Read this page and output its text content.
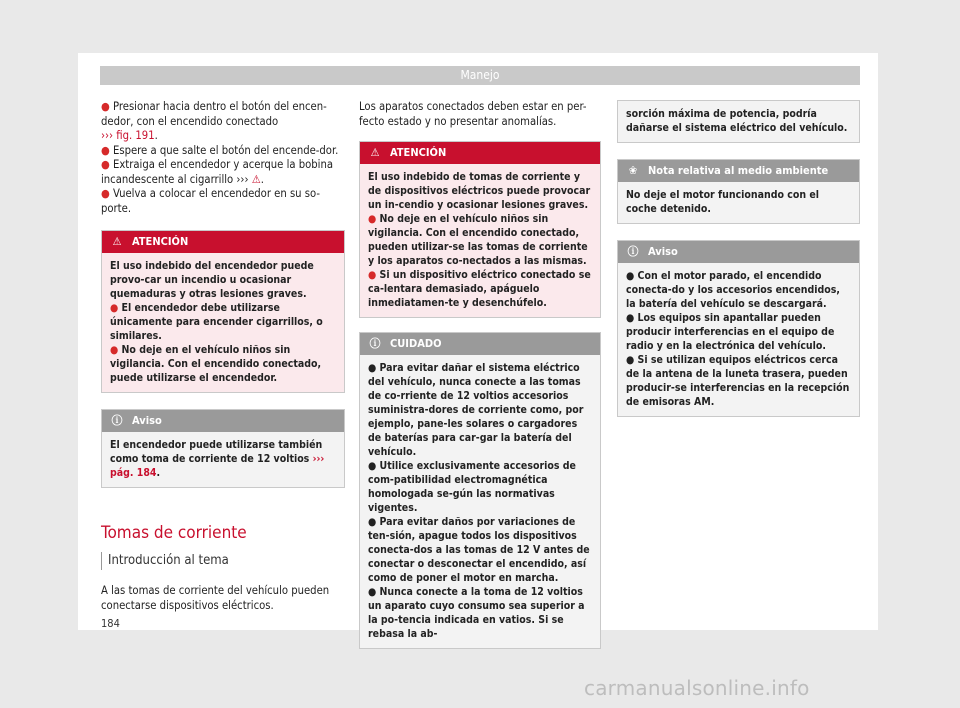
Manejo

● Presionar hacia dentro el botón del encen-dedor, con el encendido conectado
››› fig. 191.

● Espere a que salte el botón del encende-dor.

● Extraiga el encendedor y acerque la bobina incandescente al cigarrillo ››› ⚠.

● Vuelva a colocar el encendedor en su so-porte.

⚠ ATENCIÓN

El uso indebido del encendedor puede provo-car un incendio u ocasionar quemaduras y otras lesiones graves.

● El encendedor debe utilizarse únicamente para encender cigarrillos, o similares.

● No deje en el vehículo niños sin vigilancia. Con el encendido conectado, puede utilizarse el encendedor.

ⓘ Aviso

El encendedor puede utilizarse también como toma de corriente de 12 voltios ››› pág. 184.

Tomas de corriente
Introducción al tema

A las tomas de corriente del vehículo pueden conectarse dispositivos eléctricos.

Los aparatos conectados deben estar en per-fecto estado y no presentar anomalías.

⚠ ATENCIÓN

El uso indebido de tomas de corriente y de dispositivos eléctricos puede provocar un in-cendio y ocasionar lesiones graves.

● No deje en el vehículo niños sin vigilancia. Con el encendido conectado, pueden utilizar-se las tomas de corriente y los aparatos co-nectados a las mismas.

● Si un dispositivo eléctrico conectado se ca-lentara demasiado, apáguelo inmediatamen-te y desenchúfelo.

ⓘ CUIDADO

● Para evitar dañar el sistema eléctrico del vehículo, nunca conecte a las tomas de co-rriente de 12 voltios accesorios suministra-dores de corriente como, por ejemplo, pane-les solares o cargadores de baterías para car-gar la batería del vehículo.

● Utilice exclusivamente accesorios de com-patibilidad electromagnética homologada se-gún las normativas vigentes.

● Para evitar daños por variaciones de ten-sión, apague todos los dispositivos conecta-dos a las tomas de 12 V antes de conectar o desconectar el encendido, así como de poner el motor en marcha.

● Nunca conecte a la toma de 12 voltios un aparato cuyo consumo sea superior a la po-tencia indicada en vatios. Si se rebasa la ab-

sorción máxima de potencia, podría dañarse el sistema eléctrico del vehículo.

❀ Nota relativa al medio ambiente

No deje el motor funcionando con el coche detenido.

ⓘ Aviso

● Con el motor parado, el encendido conecta-do y los accesorios encendidos, la batería del vehículo se descargará.

● Los equipos sin apantallar pueden producir interferencias en el equipo de radio y en la electrónica del vehículo.

● Si se utilizan equipos eléctricos cerca de la antena de la luneta trasera, pueden producir-se interferencias en la recepción de emisoras AM.

184
carmanualsonline.info
